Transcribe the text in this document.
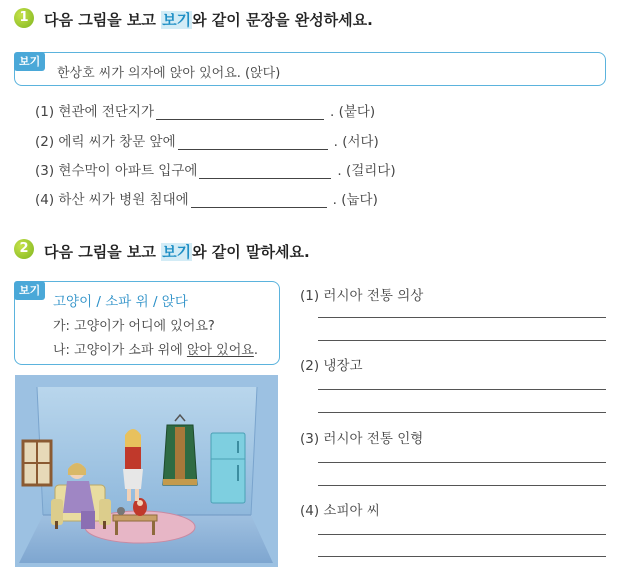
1	다음 그림을 보고 보기와 같이 문장을 완성하세요.
보기
한상호 씨가 의자에 앉아 있어요. (앉다)
(1) 현관에 전단지가	. (붙다)
(2) 에릭 씨가 창문 앞에	. (서다)
(3) 현수막이 아파트 입구에	. (걸리다)
(4) 하산 씨가 병원 침대에	. (눕다)
2	다음 그림을 보고 보기와 같이 말하세요.
보기
고양이 / 소파 위 / 앉다
가: 고양이가 어디에 있어요?
나: 고양이가 소파 위에 앉아 있어요.
(1) 러시아 전통 의상
(2) 냉장고
(3) 러시아 전통 인형
(4) 소피아 씨
